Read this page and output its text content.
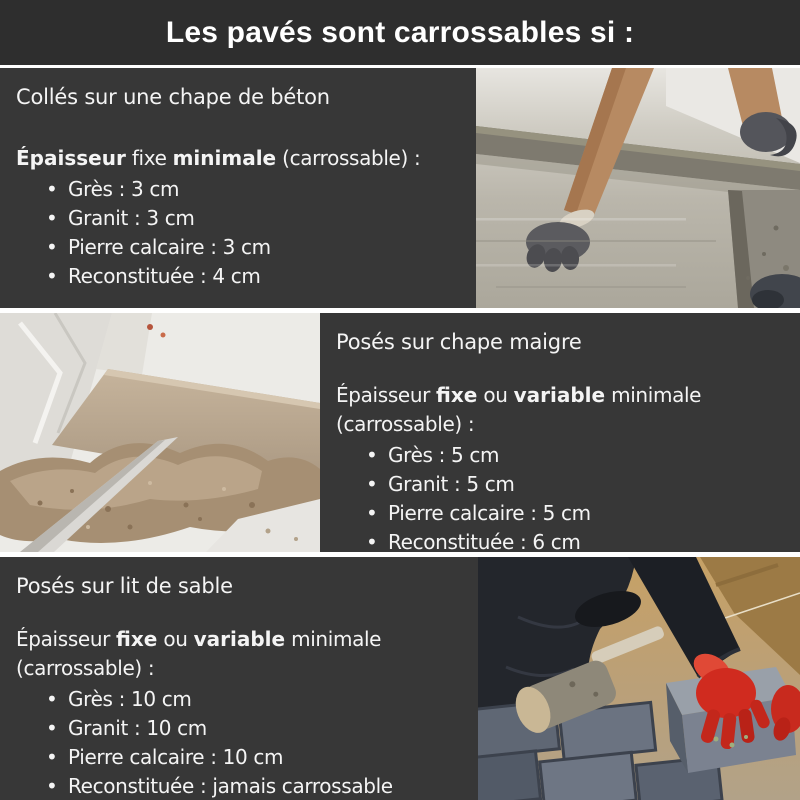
Les pavés sont carrossables si :
Collés sur une chape de béton

Épaisseur fixe minimale (carrossable) :

• Grès : 3 cm
• Granit : 3 cm
• Pierre calcaire : 3 cm
• Reconstituée : 4 cm
Posés sur chape maigre

Épaisseur fixe ou variable minimale (carrossable) :

• Grès : 5 cm
• Granit : 5 cm
• Pierre calcaire : 5 cm
• Reconstituée : 6 cm
Posés sur lit de sable

Épaisseur fixe ou variable minimale (carrossable) :

• Grès : 10 cm
• Granit : 10 cm
• Pierre calcaire : 10 cm
• Reconstituée : jamais carrossable
